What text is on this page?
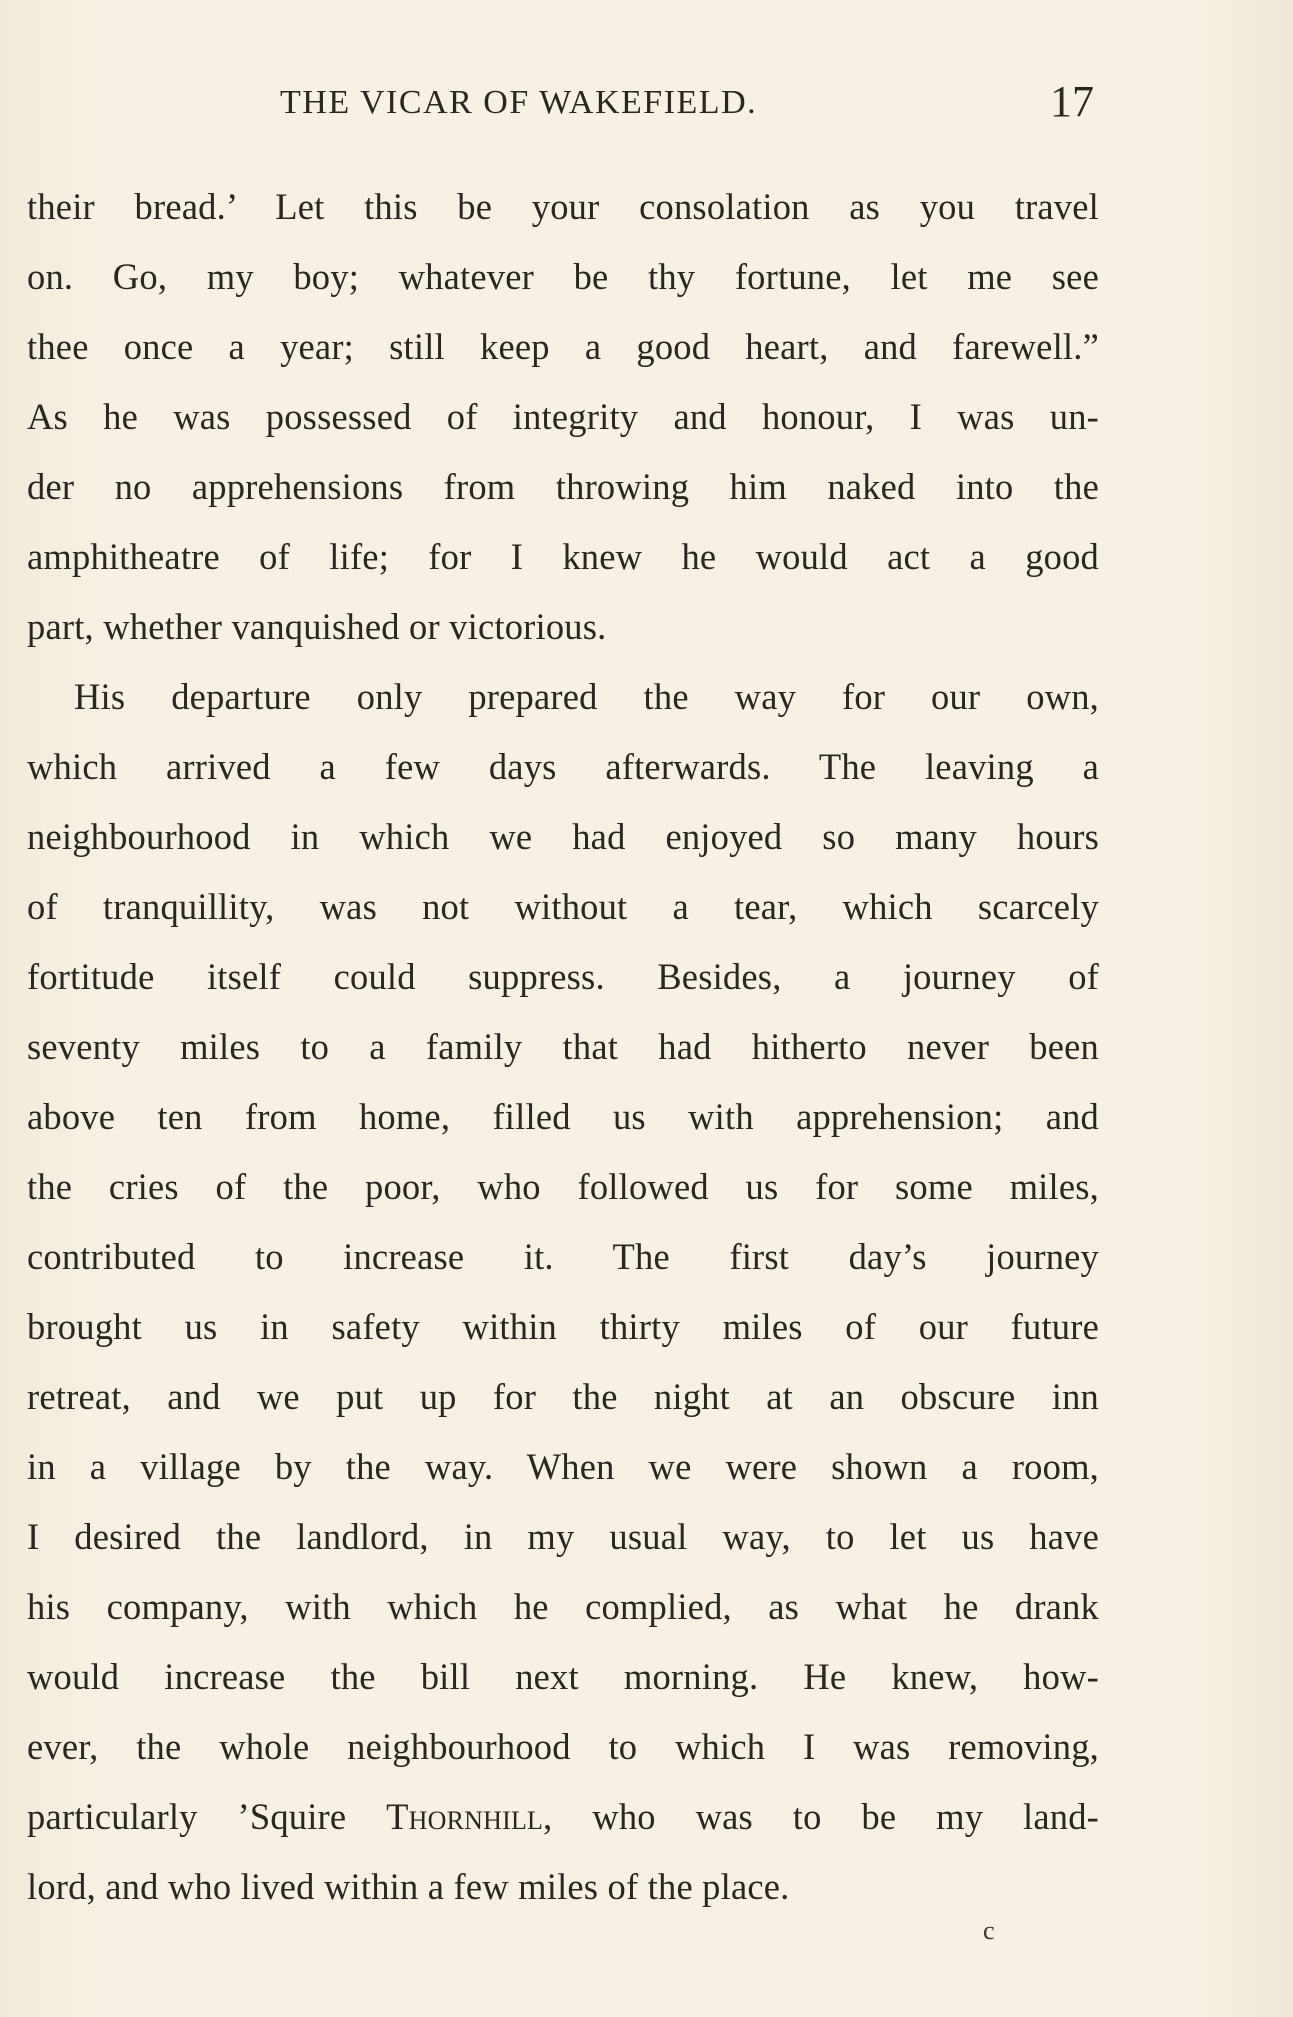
THE VICAR OF WAKEFIELD.	17
their bread.’ Let this be your consolation as you travel
on. Go, my boy; whatever be thy fortune, let me see
thee once a year; still keep a good heart, and farewell.”
As he was possessed of integrity and honour, I was un-
der no apprehensions from throwing him naked into the
amphitheatre of life; for I knew he would act a good
part, whether vanquished or victorious.
His departure only prepared the way for our own,
which arrived a few days afterwards. The leaving a
neighbourhood in which we had enjoyed so many hours
of tranquillity, was not without a tear, which scarcely
fortitude itself could suppress. Besides, a journey of
seventy miles to a family that had hitherto never been
above ten from home, filled us with apprehension; and
the cries of the poor, who followed us for some miles,
contributed to increase it. The first day’s journey
brought us in safety within thirty miles of our future
retreat, and we put up for the night at an obscure inn
in a village by the way. When we were shown a room,
I desired the landlord, in my usual way, to let us have
his company, with which he complied, as what he drank
would increase the bill next morning. He knew, how-
ever, the whole neighbourhood to which I was removing,
particularly ’Squire Thornhill, who was to be my land-
lord, and who lived within a few miles of the place.
c
